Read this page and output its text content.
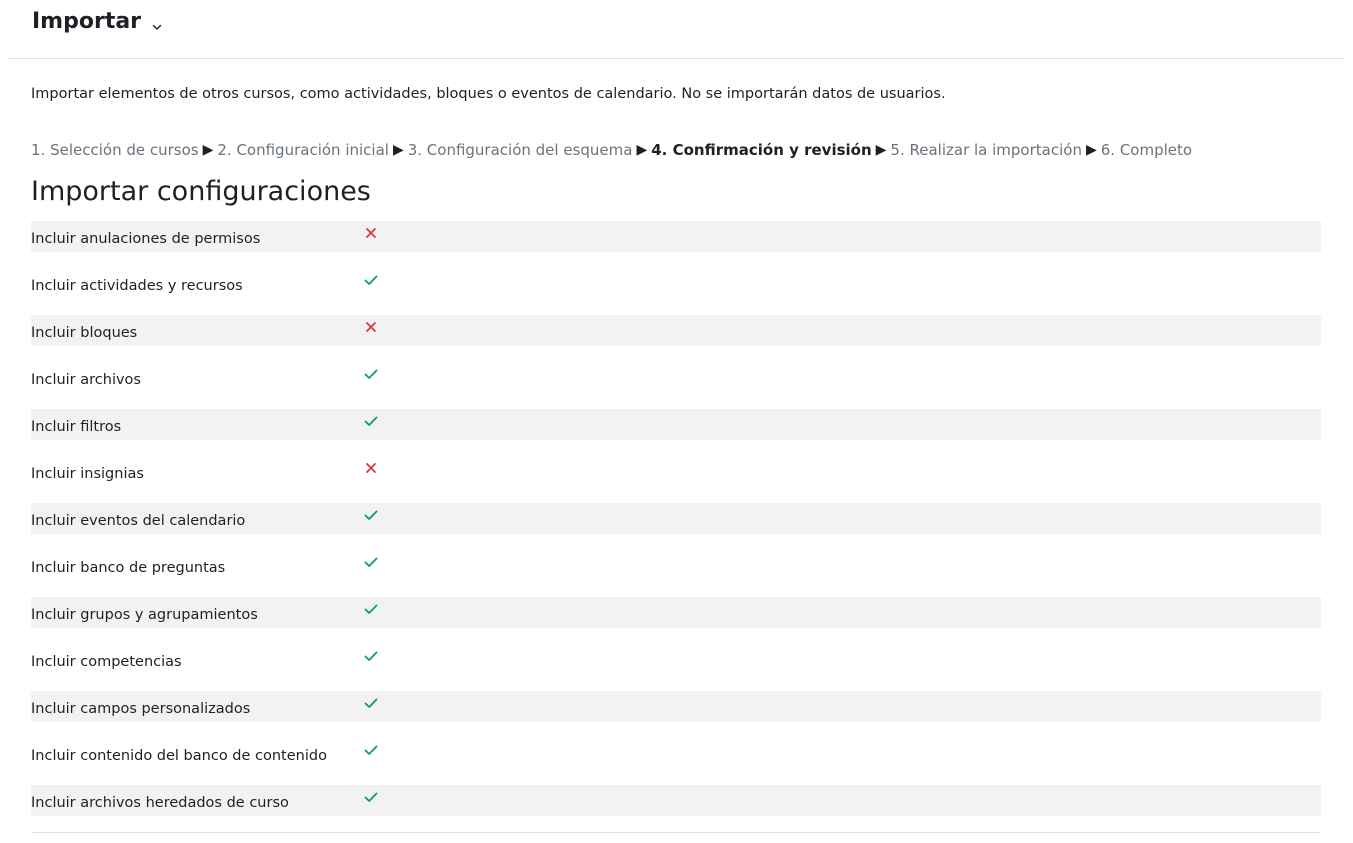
Importar
Importar elementos de otros cursos, como actividades, bloques o eventos de calendario. No se importarán datos de usuarios.
1. Selección de cursos ▶ 2. Configuración inicial ▶ 3. Configuración del esquema ▶ 4. Confirmación y revisión ▶ 5. Realizar la importación ▶ 6. Completo
Importar configuraciones
Incluir anulaciones de permisos
Incluir actividades y recursos
Incluir bloques
Incluir archivos
Incluir filtros
Incluir insignias
Incluir eventos del calendario
Incluir banco de preguntas
Incluir grupos y agrupamientos
Incluir competencias
Incluir campos personalizados
Incluir contenido del banco de contenido
Incluir archivos heredados de curso
